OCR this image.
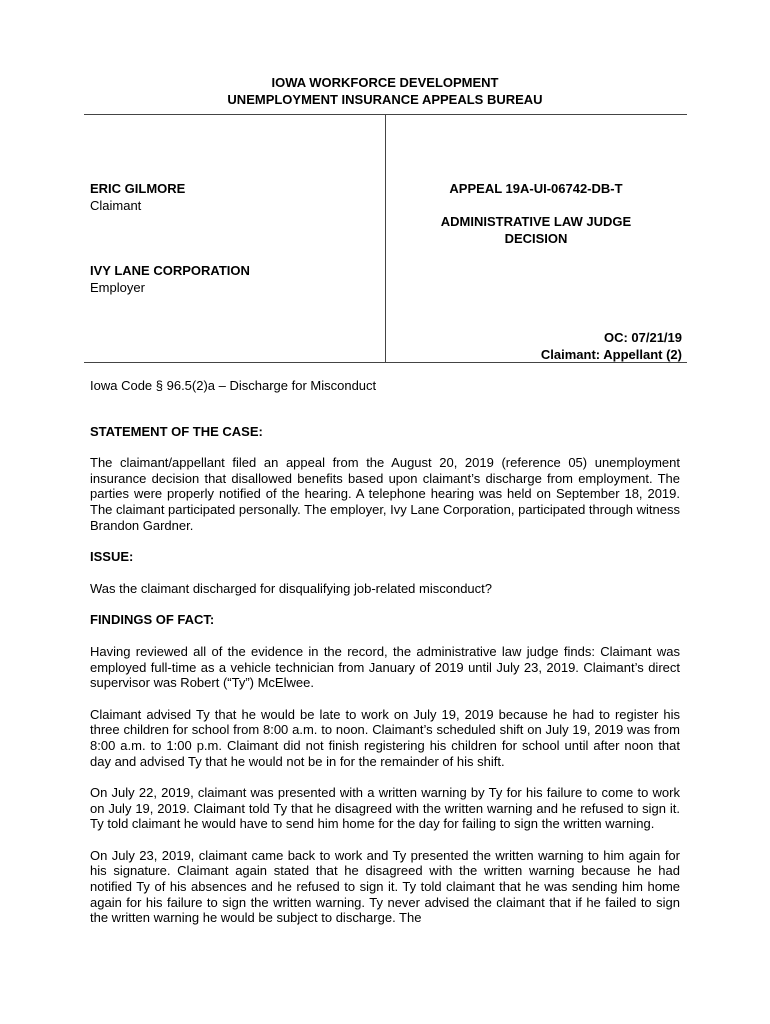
IOWA WORKFORCE DEVELOPMENT
UNEMPLOYMENT INSURANCE APPEALS BUREAU
ERIC GILMORE
Claimant
IVY LANE CORPORATION
Employer
APPEAL 19A-UI-06742-DB-T
ADMINISTRATIVE LAW JUDGE
DECISION
OC: 07/21/19
Claimant: Appellant (2)

Iowa Code § 96.5(2)a – Discharge for Misconduct

STATEMENT OF THE CASE:

The claimant/appellant filed an appeal from the August 20, 2019 (reference 05) unemployment insurance decision that disallowed benefits based upon claimant’s discharge from employment. The parties were properly notified of the hearing. A telephone hearing was held on September 18, 2019. The claimant participated personally. The employer, Ivy Lane Corporation, participated through witness Brandon Gardner.

ISSUE:

Was the claimant discharged for disqualifying job-related misconduct?

FINDINGS OF FACT:

Having reviewed all of the evidence in the record, the administrative law judge finds: Claimant was employed full-time as a vehicle technician from January of 2019 until July 23, 2019. Claimant’s direct supervisor was Robert (“Ty”) McElwee.

Claimant advised Ty that he would be late to work on July 19, 2019 because he had to register his three children for school from 8:00 a.m. to noon. Claimant’s scheduled shift on July 19, 2019 was from 8:00 a.m. to 1:00 p.m. Claimant did not finish registering his children for school until after noon that day and advised Ty that he would not be in for the remainder of his shift.

On July 22, 2019, claimant was presented with a written warning by Ty for his failure to come to work on July 19, 2019. Claimant told Ty that he disagreed with the written warning and he refused to sign it. Ty told claimant he would have to send him home for the day for failing to sign the written warning.

On July 23, 2019, claimant came back to work and Ty presented the written warning to him again for his signature. Claimant again stated that he disagreed with the written warning because he had notified Ty of his absences and he refused to sign it. Ty told claimant that he was sending him home again for his failure to sign the written warning. Ty never advised the claimant that if he failed to sign the written warning he would be subject to discharge. The
